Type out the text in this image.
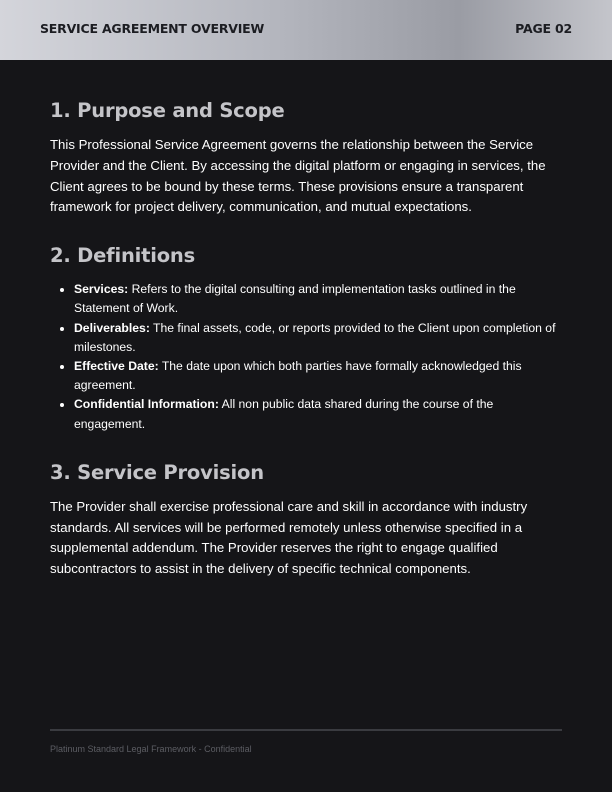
SERVICE AGREEMENT OVERVIEW	PAGE 02
1. Purpose and Scope

This Professional Service Agreement governs the relationship between the Service Provider and the Client. By accessing the digital platform or engaging in services, the Client agrees to be bound by these terms. These provisions ensure a transparent framework for project delivery, communication, and mutual expectations.

2. Definitions
• Services: Refers to the digital consulting and implementation tasks outlined in the Statement of Work.
• Deliverables: The final assets, code, or reports provided to the Client upon completion of milestones.
• Effective Date: The date upon which both parties have formally acknowledged this agreement.
• Confidential Information: All non public data shared during the course of the engagement.
3. Service Provision

The Provider shall exercise professional care and skill in accordance with industry standards. All services will be performed remotely unless otherwise specified in a supplemental addendum. The Provider reserves the right to engage qualified subcontractors to assist in the delivery of specific technical components.

Platinum Standard Legal Framework - Confidential
